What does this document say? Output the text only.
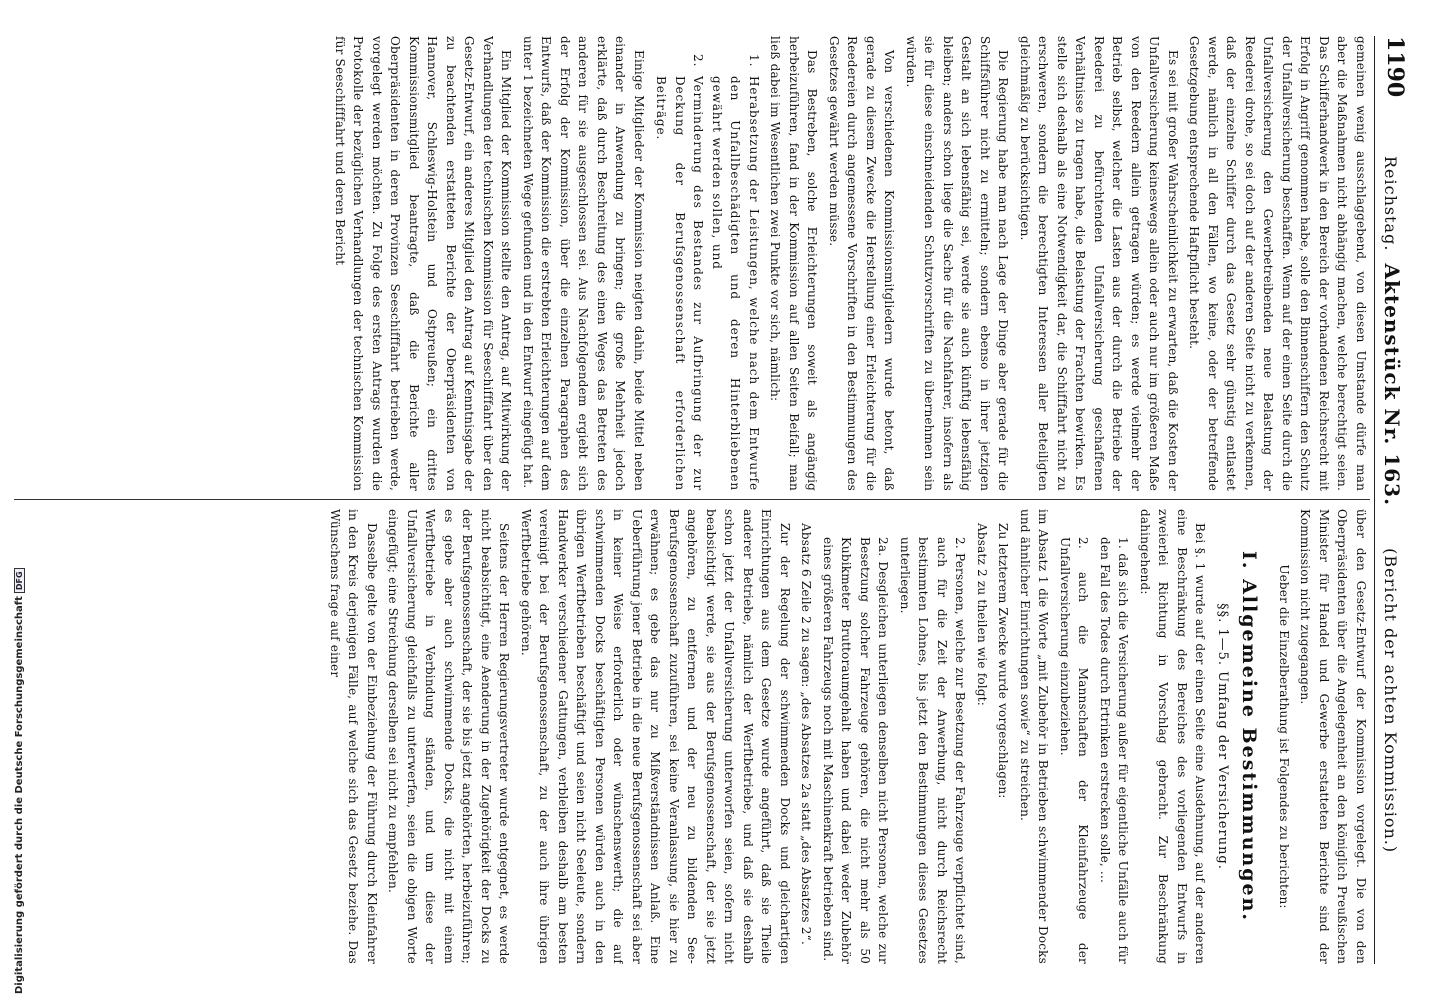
1190
Reichstag. Aktenstück Nr. 163. (Bericht der achten Kommission.)

gemeinen wenig ausschlaggebend, von diesen Umstande dürfe man aber die Maßnahmen nicht abhängig machen, welche berechtigt seien. Das Schifferhandwerk in den Bereich der vorhandenen Reichsrecht mit Erfolg in Angriff genommen habe, solle den Binnenschiffern den Schutz der Unfallversicherung beschaffen. Wenn auf der einen Seite durch die Unfallversicherung den Gewerbetreibenden neue Belastung der Reederei drohe, so sei doch auf der anderen Seite nicht zu verkennen, daß der einzelne Schiffer durch das Gesetz sehr günstig entlastet werde, nämlich in all den Fällen, wo keine, oder der betreffende Gesetzgebung entsprechende Haftpflicht besteht.

Es sei mit großer Wahrscheinlichkeit zu erwarten, daß die Kosten der Unfallversicherung keineswegs allein oder auch nur im größeren Maße von den Reedern allein getragen würden; es werde vielmehr der Betrieb selbst, welcher die Lasten aus der durch die Betriebe der Reederei zu befürchtenden Unfallversicherung geschaffenen Verhältnisse zu tragen habe, die Belastung der Frachten bewirken. Es stelle sich deshalb als eine Notwendigkeit dar, die Schifffahrt nicht zu erschweren, sondern die berechtigten Interessen aller Beteiligten gleichmäßig zu berücksichtigen.

Die Regierung habe man nach Lage der Dinge aber gerade für die Schiffsführer nicht zu ermitteln; sondern ebenso in ihrer jetzigen Gestalt an sich lebensfähig sei, werde sie auch künftig lebensfähig bleiben; anders schon liege die Sache für die Nachfahrer, insofern als sie für diese einschneidenden Schutzvorschriften zu übernehmen sein würden.

Von verschiedenen Kommissionsmitgliedern wurde betont, daß gerade zu diesem Zwecke die Herstellung einer Erleichterung für die Reedereien durch angemessene Vorschriften in den Bestimmungen des Gesetzes gewährt werden müsse.

Das Bestreben, solche Erleichterungen soweit als angängig herbeizuführen, fand in der Kommission auf allen Seiten Beifall; man ließ dabei im Wesentlichen zwei Punkte vor sich, nämlich:

1. Herabsetzung der Leistungen, welche nach dem Entwurfe den Unfallbeschädigten und deren Hinterbliebenen gewährt werden sollen, und
2. Verminderung des Bestandes zur Aufbringung der zur Deckung der Berufsgenossenschaft erforderlichen Beiträge.

Einige Mitglieder der Kommission neigten dahin, beide Mittel neben einander in Anwendung zu bringen; die große Mehrheit jedoch erklärte, daß durch Beschreitung des einen Weges das Betreten des anderen für sie ausgeschlossen sei. Aus Nachfolgendem ergiebt sich der Erfolg der Kommission, über die einzelnen Paragraphen des Entwurfs, daß der Kommission die erstrebten Erleichterungen auf dem unter 1 bezeichneten Wege gefunden und in den Entwurf eingefügt hat.

Ein Mitglied der Kommission stellte den Antrag, auf Mitwirkung der Verhandlungen der technischen Kommission für Seeschifffahrt über den Gesetz-Entwurf, ein anderes Mitglied den Antrag auf Kenntnisgabe der zu beachtenden erstatteten Berichte der Oberpräsidenten von Hannover, Schleswig-Holstein und Ostpreußen; ein drittes Kommissionsmitglied beantragte, daß die Berichte aller Oberpräsidenten in deren Provinzen Seeschifffahrt betrieben werde, vorgelegt werden möchten. Zu Folge des ersten Antrags wurden die Protokolle der bezüglichen Verhandlungen der technischen Kommission für Seeschifffahrt und deren Bericht

über den Gesetz-Entwurf der Kommission vorgelegt. Die von den Oberpräsidenten über die Angelegenheit an den königlich Preußischen Minister für Handel und Gewerbe erstatteten Berichte sind der Kommission nicht zugegangen.

Ueber die Einzelberathung ist Folgendes zu berichten:

I. Allgemeine Bestimmungen.
§§. 1—5. Umfang der Versicherung.

Bei §. 1 wurde auf der einen Seite eine Ausdehnung, auf der anderen eine Beschränkung des Bereiches des vorliegenden Entwurfs in zweierlei Richtung in Vorschlag gebracht. Zur Beschränkung dahingehend:

1. daß sich die Versicherung außer für eigentliche Unfälle auch für den Fall des Todes durch Ertrinken erstrecken solle, ...

2. auch die Mannschaften der Kleinfahrzeuge der Unfallversicherung einzubeziehen.

im Absatz 1 die Worte „mit Zubehör in Betrieben schwimmender Docks und ähnlicher Einrichtungen sowie“ zu streichen.

Zu letzterem Zwecke wurde vorgeschlagen:

Absatz 2 zu theilen wie folgt:

2. Personen, welche zur Besetzung der Fahrzeuge verpflichtet sind, auch für die Zeit der Anwerbung, nicht durch Reichsrecht bestimmten Lohnes, bis jetzt den Bestimmungen dieses Gesetzes unterliegen.

2a. Desgleichen unterliegen denselben nicht Personen, welche zur Besetzung solcher Fahrzeuge gehören, die nicht mehr als 50 Kubikmeter Bruttoraumgehalt haben und dabei weder Zubehör eines größeren Fahrzeugs noch mit Maschinenkraft betrieben sind.

Absatz 6 Zeile 2 zu sagen: „des Absatzes 2a statt „des Absatzes 2“.

Zur der Regelung der schwimmenden Docks und gleichartigen Einrichtungen aus dem Gesetze wurde angeführt, daß sie Theile anderer Betriebe, nämlich der Werftbetriebe, und daß sie deshalb schon jetzt der Unfallversicherung unterworfen seien, sofern nicht beabsichtigt werde, sie aus der Berufsgenossenschaft, der sie jetzt angehören, zu entfernen und der neu zu bildenden See-Berufsgenossenschaft zuzuführen, sei keine Veranlassung, sie hier zu erwähnen; es gebe das nur zu Mißverständnissen Anlaß. Eine Ueberführung jener Betriebe in die neue Berufsgenossenschaft sei aber in keiner Weise erforderlich oder wünschenswerth; die auf schwimmenden Docks beschäftigten Personen würden auch in den übrigen Werftbetrieben beschäftigt und seien nicht Seeleute, sondern Handwerker verschiedener Gattungen, verbleiben deshalb am besten vereinigt bei der Berufsgenossenschaft, zu der auch ihre übrigen Werftbetriebe gehören.

Seitens der Herren Regierungsvertreter wurde entgegnet, es werde nicht beabsichtigt, eine Aenderung in der Zugehörigkeit der Docks zu der Berufsgenossenschaft, der sie bis jetzt angehörten, herbeizuführen; es gebe aber auch schwimmende Docks, die nicht mit einem Werftbetriebe in Verbindung ständen, und um diese der Unfallversicherung gleichfalls zu unterwerfen, seien die obigen Worte eingefügt; eine Streichung derselben sei nicht zu empfehlen.

Dasselbe gelte von der Einbeziehung der Führung durch Kleinfahrer in den Kreis derjenigen Fälle, auf welche sich das Gesetz beziehe. Das Wünschens frage auf einer

Digitalisierung gefördert durch die Deutsche ForschungsgemeinschaftDFG
